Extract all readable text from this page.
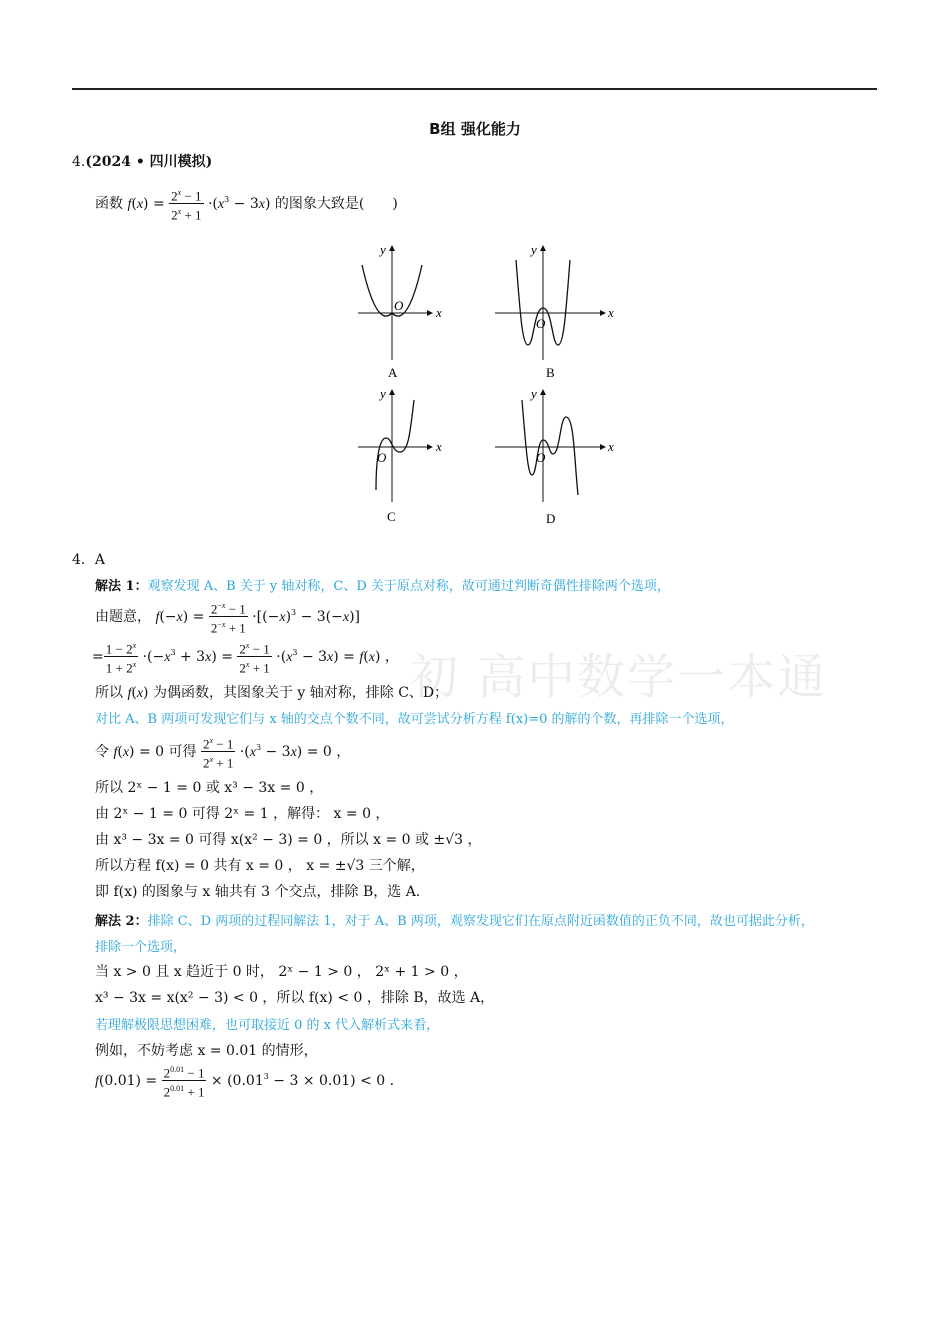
B组 强化能力
4.(2024 • 四川模拟)
函数 $f(x) = \frac{2^x - 1}{2^x + 1} \cdot(x^3 - 3x)$ 的图象大致是(　　)
y
x
O
A
y
x
O
B
y
x
O
C
y
x
O
D
初 高中数学一本通
4．A
解法 1：观察发现 A、B 关于 y 轴对称，C、D 关于原点对称，故可通过判断奇偶性排除两个选项，
由题意， $f(-x) = \frac{2^{-x} - 1}{2^{-x} + 1} \cdot[(-x)^3 - 3(-x)]$
= $\frac{1 - 2^x}{1 + 2^x} \cdot(-x^3 + 3x) = \frac{2^x - 1}{2^x + 1} \cdot(x^3 - 3x) = f(x)$ ，
所以 f(x) 为偶函数，其图象关于 y 轴对称，排除 C、D；
对比 A、B 两项可发现它们与 x 轴的交点个数不同，故可尝试分析方程 f(x)=0 的解的个数，再排除一个选项，
令 f(x) = 0 可得 $\frac{2^x - 1}{2^x + 1} \cdot(x^3 - 3x) = 0$ ，
所以 2ˣ − 1 = 0 或 x³ − 3x = 0 ，
由 2ˣ − 1 = 0 可得 2ˣ = 1 ，解得： x = 0 ，
由 x³ − 3x = 0 可得 x(x² − 3) = 0 ，所以 x = 0 或 ±√3 ，
所以方程 f(x) = 0 共有 x = 0 ， x = ±√3 三个解，
即 f(x) 的图象与 x 轴共有 3 个交点，排除 B，选 A.
解法 2：排除 C、D 两项的过程同解法 1，对于 A、B 两项，观察发现它们在原点附近函数值的正负不同，故也可据此分析，
排除一个选项，
当 x > 0 且 x 趋近于 0 时， 2ˣ − 1 > 0 ， 2ˣ + 1 > 0 ，
x³ − 3x = x(x² − 3) < 0 ，所以 f(x) < 0 ，排除 B，故选 A，
若理解极限思想困难，也可取接近 0 的 x 代入解析式来看，
例如，不妨考虑 x = 0.01 的情形，
$f(0.01) = \frac{2^{0.01} - 1}{2^{0.01} + 1} \times (0.01^3 - 3 \times 0.01) < 0$ .
